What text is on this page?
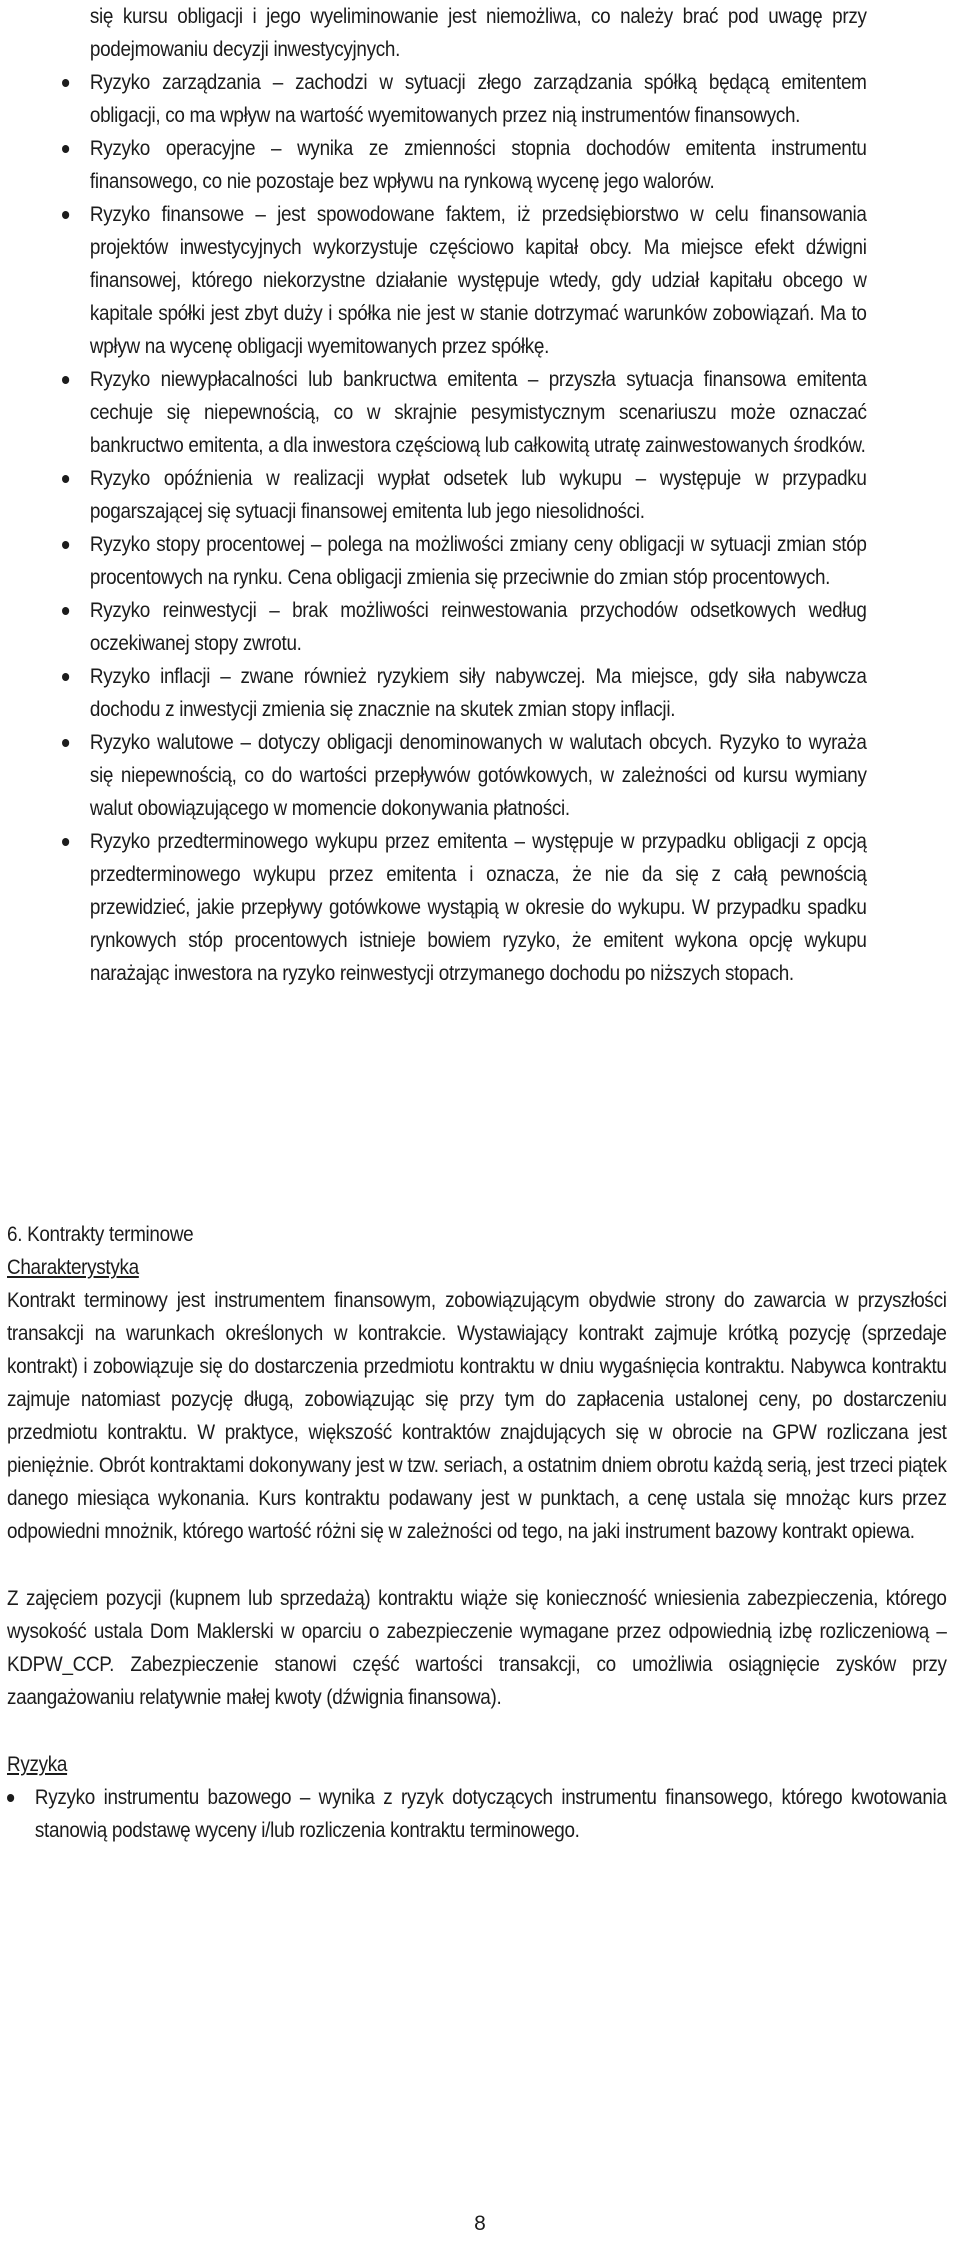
się kursu obligacji i jego wyeliminowanie jest niemożliwa, co należy brać pod uwagę przy podejmowaniu decyzji inwestycyjnych.

Ryzyko zarządzania – zachodzi w sytuacji złego zarządzania spółką będącą emitentem obligacji, co ma wpływ na wartość wyemitowanych przez nią instrumentów finansowych.
Ryzyko operacyjne – wynika ze zmienności stopnia dochodów emitenta instrumentu finansowego, co nie pozostaje bez wpływu na rynkową wycenę jego walorów.
Ryzyko finansowe – jest spowodowane faktem, iż przedsiębiorstwo w celu finansowania projektów inwestycyjnych wykorzystuje częściowo kapitał obcy. Ma miejsce efekt dźwigni finansowej, którego niekorzystne działanie występuje wtedy, gdy udział kapitału obcego w kapitale spółki jest zbyt duży i spółka nie jest w stanie dotrzymać warunków zobowiązań. Ma to wpływ na wycenę obligacji wyemitowanych przez spółkę.
Ryzyko niewypłacalności lub bankructwa emitenta – przyszła sytuacja finansowa emitenta cechuje się niepewnością, co w skrajnie pesymistycznym scenariuszu może oznaczać bankructwo emitenta, a dla inwestora częściową lub całkowitą utratę zainwestowanych środków.
Ryzyko opóźnienia w realizacji wypłat odsetek lub wykupu – występuje w przypadku pogarszającej się sytuacji finansowej emitenta lub jego niesolidności.
Ryzyko stopy procentowej – polega na możliwości zmiany ceny obligacji w sytuacji zmian stóp procentowych na rynku. Cena obligacji zmienia się przeciwnie do zmian stóp procentowych.
Ryzyko reinwestycji – brak możliwości reinwestowania przychodów odsetkowych według oczekiwanej stopy zwrotu.
Ryzyko inflacji – zwane również ryzykiem siły nabywczej. Ma miejsce, gdy siła nabywcza dochodu z inwestycji zmienia się znacznie na skutek zmian stopy inflacji.
Ryzyko walutowe – dotyczy obligacji denominowanych w walutach obcych. Ryzyko to wyraża się niepewnością, co do wartości przepływów gotówkowych, w zależności od kursu wymiany walut obowiązującego w momencie dokonywania płatności.
Ryzyko przedterminowego wykupu przez emitenta – występuje w przypadku obligacji z opcją przedterminowego wykupu przez emitenta i oznacza, że nie da się z całą pewnością przewidzieć, jakie przepływy gotówkowe wystąpią w okresie do wykupu. W przypadku spadku rynkowych stóp procentowych istnieje bowiem ryzyko, że emitent wykona opcję wykupu narażając inwestora na ryzyko reinwestycji otrzymanego dochodu po niższych stopach.
6. Kontrakty terminowe
Charakterystyka

Kontrakt terminowy jest instrumentem finansowym, zobowiązującym obydwie strony do zawarcia w przyszłości transakcji na warunkach określonych w kontrakcie. Wystawiający kontrakt zajmuje krótką pozycję (sprzedaje kontrakt) i zobowiązuje się do dostarczenia przedmiotu kontraktu w dniu wygaśnięcia kontraktu. Nabywca kontraktu zajmuje natomiast pozycję długą, zobowiązując się przy tym do zapłacenia ustalonej ceny, po dostarczeniu przedmiotu kontraktu. W praktyce, większość kontraktów znajdujących się w obrocie na GPW rozliczana jest pieniężnie. Obrót kontraktami dokonywany jest w tzw. seriach, a ostatnim dniem obrotu każdą serią, jest trzeci piątek danego miesiąca wykonania. Kurs kontraktu podawany jest w punktach, a cenę ustala się mnożąc kurs przez odpowiedni mnożnik, którego wartość różni się w zależności od tego, na jaki instrument bazowy kontrakt opiewa.

Z zajęciem pozycji (kupnem lub sprzedażą) kontraktu wiąże się konieczność wniesienia zabezpieczenia, którego wysokość ustala Dom Maklerski w oparciu o zabezpieczenie wymagane przez odpowiednią izbę rozliczeniową – KDPW_CCP. Zabezpieczenie stanowi część wartości transakcji, co umożliwia osiągnięcie zysków przy zaangażowaniu relatywnie małej kwoty (dźwignia finansowa).

Ryzyka
Ryzyko instrumentu bazowego – wynika z ryzyk dotyczących instrumentu finansowego, którego kwotowania stanowią podstawę wyceny i/lub rozliczenia kontraktu terminowego.
8
